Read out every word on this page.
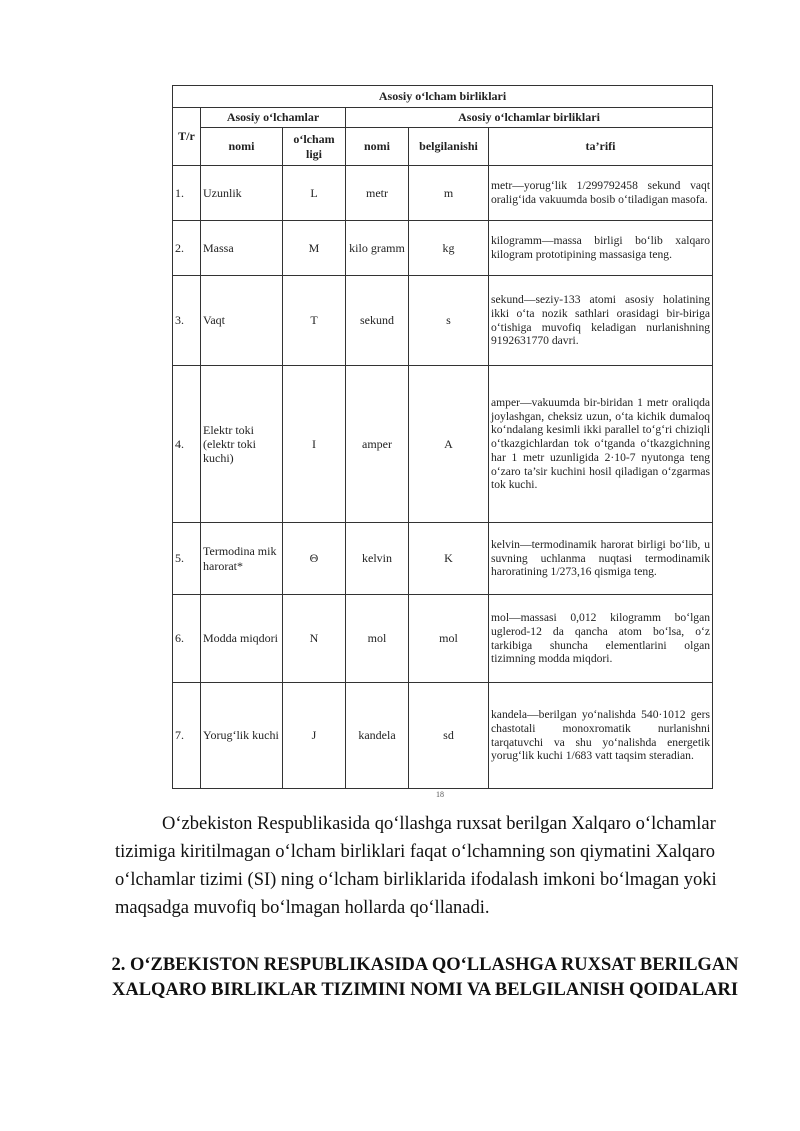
Asosiy o‘lcham birliklari					
T/r	Asosiy o‘lchamlar		Asosiy o‘lchamlar birliklari		
	nomi	o‘lcham ligi	nomi	belgilanishi	ta’rifi
1.	Uzunlik	L	metr	m	metr—yorug‘lik 1/299792458 sekund vaqt oralig‘ida vakuumda bosib o‘tiladigan masofa.
2.	Massa	M	kilo gramm	kg	kilogramm—massa birligi bo‘lib xalqaro kilogram prototipining massasiga teng.
3.	Vaqt	T	sekund	s	sekund—seziy-133 atomi asosiy holatining ikki o‘ta nozik sathlari orasidagi bir-biriga o‘tishiga muvofiq keladigan nurlanishning 9192631770 davri.
4.	Elektr toki (elektr toki kuchi)	I	amper	A	amper—vakuumda bir-biridan 1 metr oraliqda joylashgan, cheksiz uzun, o‘ta kichik dumaloq ko‘ndalang kesimli ikki parallel to‘g‘ri chiziqli o‘tkazgichlardan tok o‘tganda o‘tkazgichning har 1 metr uzunligida 2·10-7 nyutonga teng o‘zaro ta’sir kuchini hosil qiladigan o‘zgarmas tok kuchi.
5.	Termodina mik harorat*	Θ	kelvin	K	kelvin—termodinamik harorat birligi bo‘lib, u suvning uchlanma nuqtasi termodinamik haroratining 1/273,16 qismiga teng.
6.	Modda miqdori	N	mol	mol	mol—massasi 0,012 kilogramm bo‘lgan uglerod-12 da qancha atom bo‘lsa, o‘z tarkibiga shuncha elementlarini olgan tizimning modda miqdori.
7.	Yorug‘lik kuchi	J	kandela	sd	kandela—berilgan yo‘nalishda 540·1012 gers chastotali monoxromatik nurlanishni tarqatuvchi va shu yo‘nalishda energetik yorug‘lik kuchi 1/683 vatt taqsim steradian.
18

O‘zbekiston Respublikasida qo‘llashga ruxsat berilgan Xalqaro o‘lchamlar tizimiga kiritilmagan o‘lcham birliklari faqat o‘lchamning son qiymatini Xalqaro o‘lchamlar tizimi (SI) ning o‘lcham birliklarida ifodalash imkoni bo‘lmagan yoki maqsadga muvofiq bo‘lmagan hollarda qo‘llanadi.

2. O‘ZBEKISTON RESPUBLIKASIDA QO‘LLASHGA RUXSAT BERILGAN XALQARO BIRLIKLAR TIZIMINI NOMI VA BELGILANISH QOIDALARI
